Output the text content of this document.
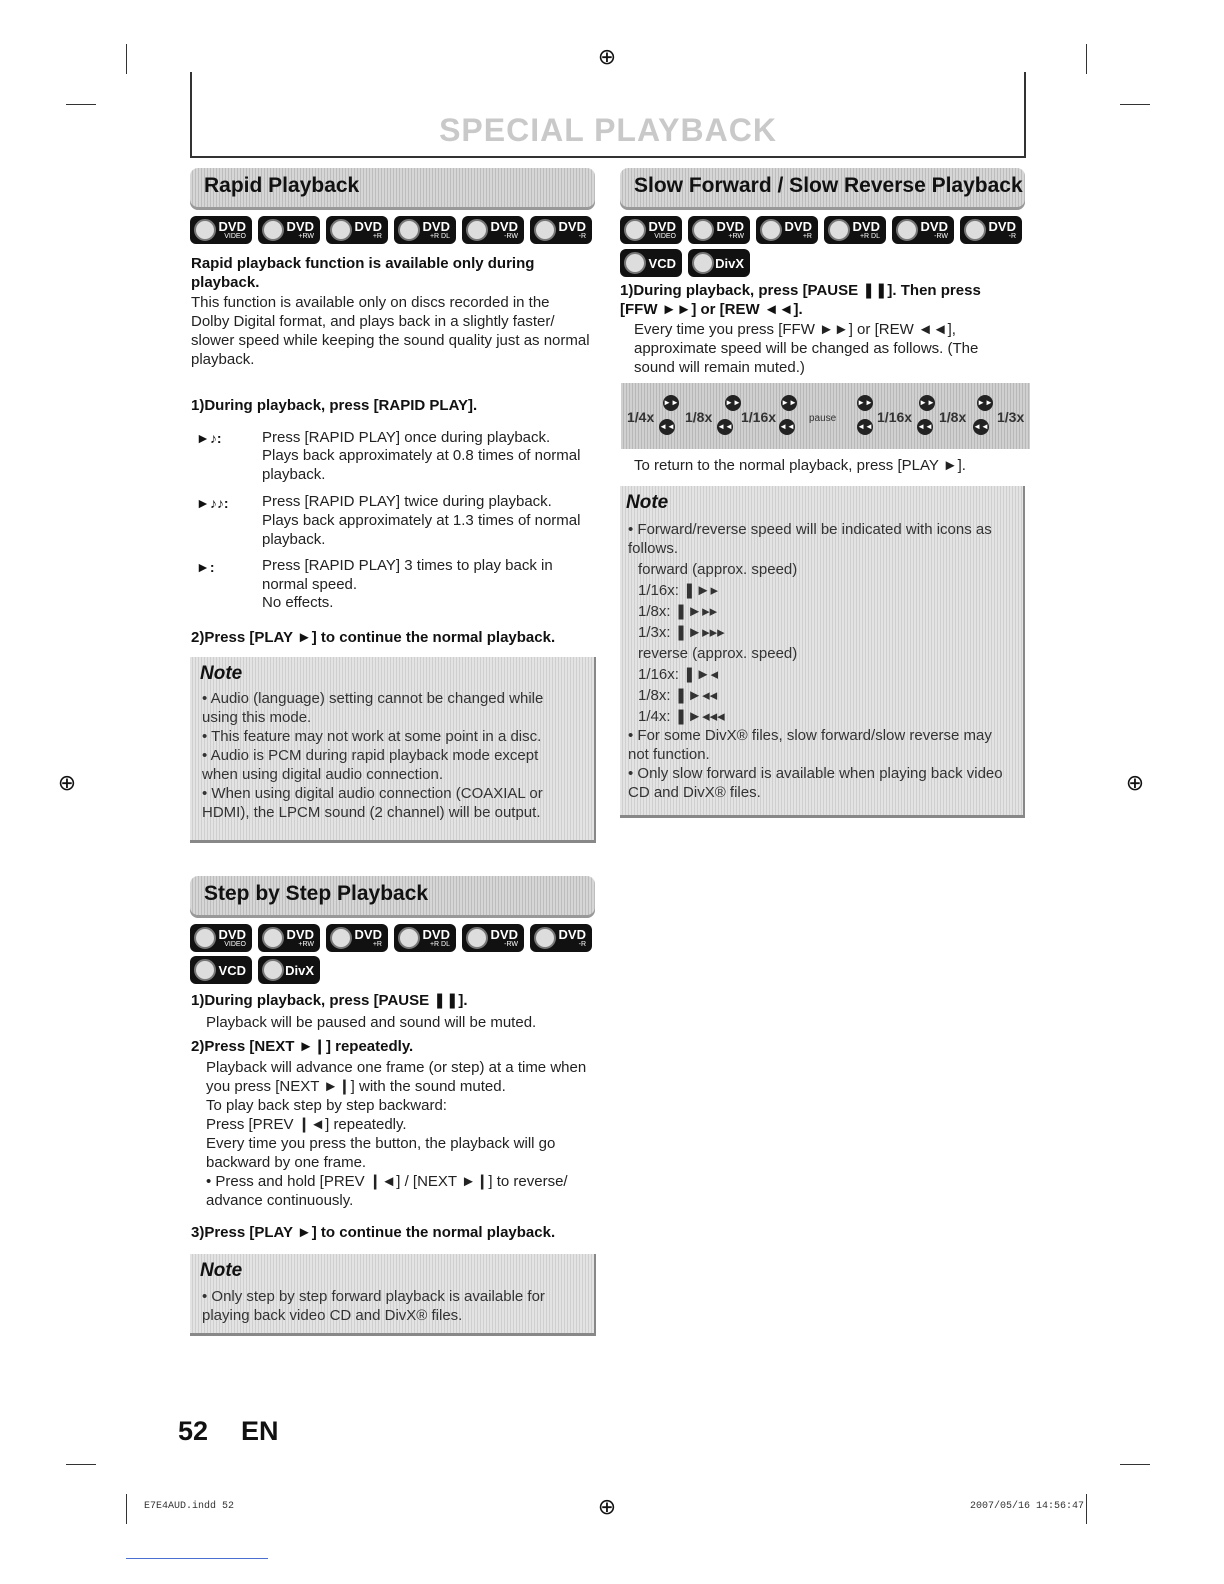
⊕
⊕	⊕
⊕
SPECIAL PLAYBACK
Rapid Playback
DVD
VIDEO
DVD
+RW
DVD
+R
DVD
+R DL
DVD
-RW
DVD
-R
Rapid playback function is available only during playback.
This function is available only on discs recorded in the Dolby Digital format, and plays back in a slightly faster/ slower speed while keeping the sound quality just as normal playback.
1)During playback, press [RAPID PLAY].
►♪:	Press [RAPID PLAY] once during playback.
Plays back approximately at 0.8 times of normal playback.
►♪♪: Press [RAPID PLAY] twice during playback.
Plays back approximately at 1.3 times of normal playback.
►:	Press [RAPID PLAY] 3 times to play back in normal speed.
No effects.
2)Press [PLAY ►] to continue the normal playback.
Note
• Audio (language) setting cannot be changed while using this mode.
• This feature may not work at some point in a disc.
• Audio is PCM during rapid playback mode except when using digital audio connection.
• When using digital audio connection (COAXIAL or HDMI), the LPCM sound (2 channel) will be output.
Slow Forward / Slow Reverse Playback
DVD
VIDEO
DVD
+RW
DVD
+R
DVD
+R DL
DVD
-RW
DVD
-R
VCD	DivX
1)During playback, press [PAUSE ❚❚]. Then press [FFW ►►] or [REW ◄◄].
Every time you press [FFW ►►] or [REW ◄◄], approximate speed will be changed as follows. (The sound will remain muted.)
1/4x
◄◄
►►
1/8x
◄◄
►►
1/16x
◄◄
►►
pause
◄◄
►►
1/16x
◄◄
►►
1/8x
◄◄
►►
1/3x
To return to the normal playback, press [PLAY ►].
Note
• Forward/reverse speed will be indicated with icons as follows.
forward (approx. speed)
1/16x: ❚►▸
1/8x: ❚►▸▸
1/3x: ❚►▸▸▸
reverse (approx. speed)
1/16x: ❚►◂
1/8x: ❚►◂◂
1/4x: ❚►◂◂◂
• For some DivX® files, slow forward/slow reverse may not function.
• Only slow forward is available when playing back video CD and DivX® files.
Step by Step Playback
DVD
VIDEO
DVD
+RW
DVD
+R
DVD
+R DL
DVD
-RW
DVD
-R
VCD	DivX
1)During playback, press [PAUSE ❚❚].
Playback will be paused and sound will be muted.
2)Press [NEXT ►❙] repeatedly.
Playback will advance one frame (or step) at a time when you press [NEXT ►❙] with the sound muted.
To play back step by step backward:
Press [PREV ❙◄] repeatedly.
Every time you press the button, the playback will go backward by one frame.
• Press and hold [PREV ❙◄] / [NEXT ►❙] to reverse/ advance continuously.
3)Press [PLAY ►] to continue the normal playback.
Note
• Only step by step forward playback is available for playing back video CD and DivX® files.
52 EN
E7E4AUD.indd 52	2007/05/16 14:56:47
